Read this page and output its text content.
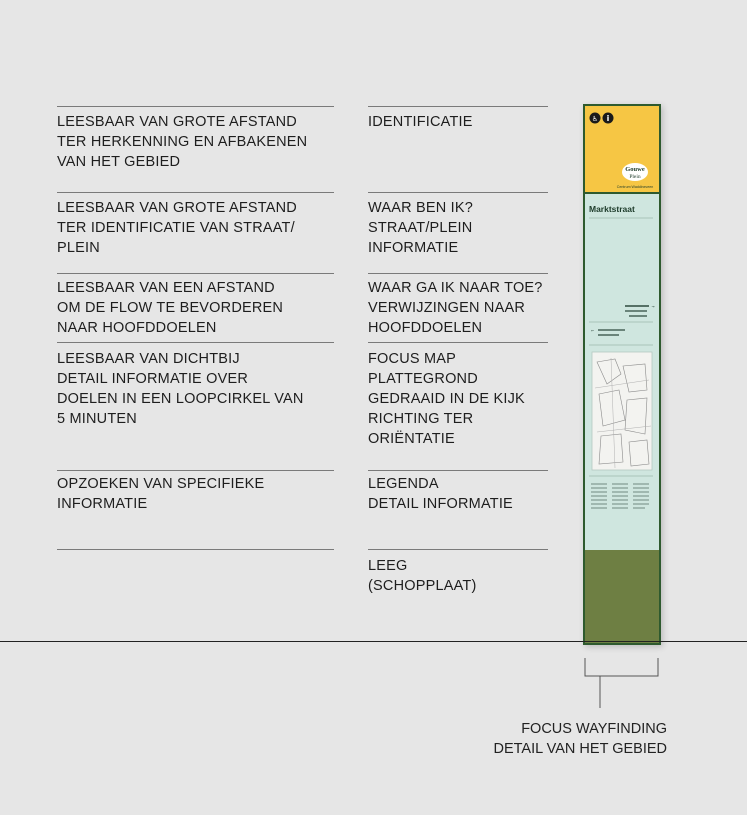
LEESBAAR VAN GROTE AFSTAND
TER HERKENNING EN AFBAKENEN
VAN HET GEBIED
IDENTIFICATIE
LEESBAAR VAN GROTE AFSTAND
TER IDENTIFICATIE VAN STRAAT/
PLEIN
WAAR BEN IK?
STRAAT/PLEIN
INFORMATIE
LEESBAAR VAN EEN AFSTAND
OM DE FLOW TE BEVORDEREN
NAAR HOOFDDOELEN
WAAR GA IK NAAR TOE?
VERWIJZINGEN NAAR
HOOFDDOELEN
LEESBAAR VAN DICHTBIJ
DETAIL INFORMATIE OVER
DOELEN IN EEN LOOPCIRKEL VAN
5 MINUTEN
FOCUS MAP
PLATTEGROND
GEDRAAID IN DE KIJK
RICHTING TER
ORIËNTATIE
OPZOEKEN VAN SPECIFIEKE
INFORMATIE
LEGENDA
DETAIL INFORMATIE
LEEG
(SCHOPPLAAT)
♿ i
Gouwe
Plein
Centrum Waddinxveen
Marktstraat
→
←
FOCUS WAYFINDING
DETAIL VAN HET GEBIED
